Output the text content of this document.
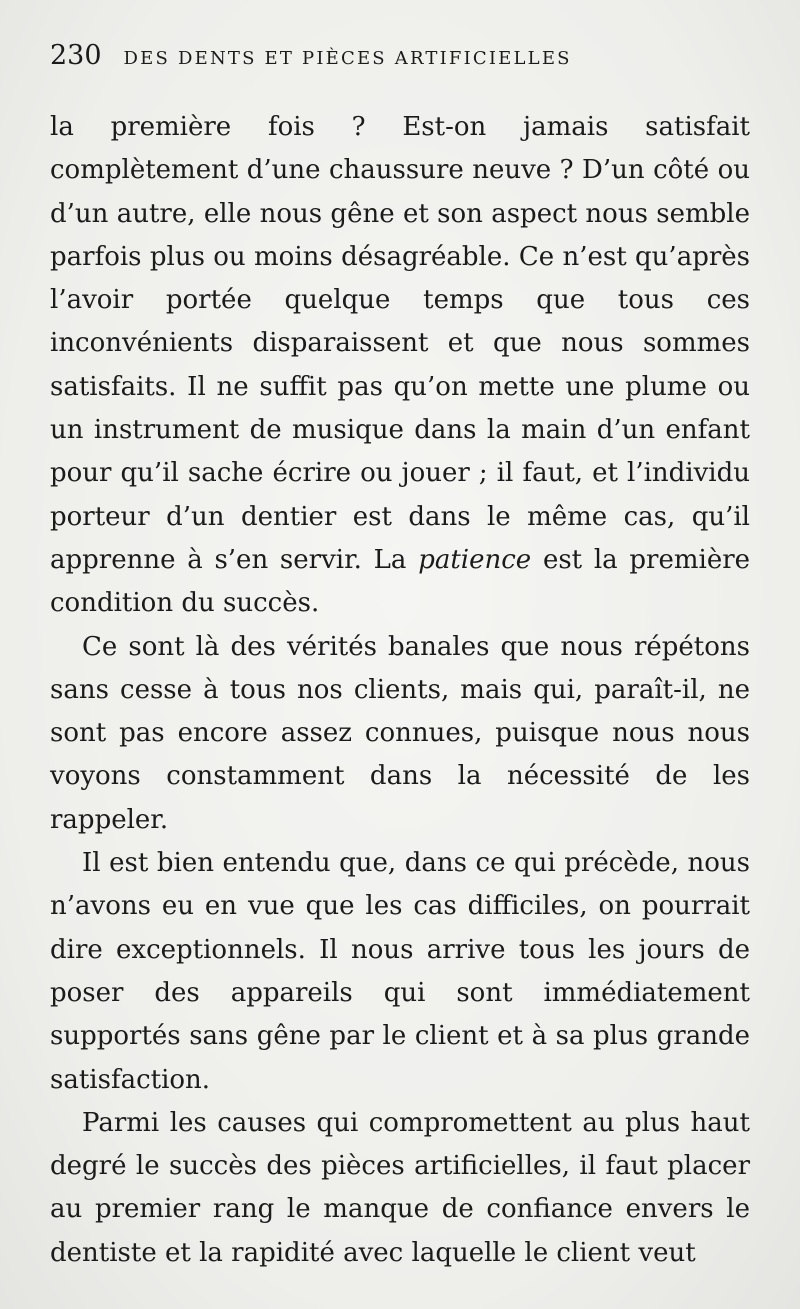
230 DES DENTS ET PIÈCES ARTIFICIELLES

la première fois ? Est-on jamais satisfait complètement d’une chaussure neuve ? D’un côté ou d’un autre, elle nous gêne et son aspect nous semble parfois plus ou moins désagréable. Ce n’est qu’après l’avoir portée quelque temps que tous ces inconvénients disparaissent et que nous sommes satisfaits. Il ne suffit pas qu’on mette une plume ou un instrument de musique dans la main d’un enfant pour qu’il sache écrire ou jouer ; il faut, et l’individu porteur d’un dentier est dans le même cas, qu’il apprenne à s’en servir. La patience est la première condition du succès.

Ce sont là des vérités banales que nous répétons sans cesse à tous nos clients, mais qui, paraît-il, ne sont pas encore assez connues, puisque nous nous voyons constamment dans la nécessité de les rappeler.

Il est bien entendu que, dans ce qui précède, nous n’avons eu en vue que les cas difficiles, on pourrait dire exceptionnels. Il nous arrive tous les jours de poser des appareils qui sont immédiatement supportés sans gêne par le client et à sa plus grande satisfaction.

Parmi les causes qui compromettent au plus haut degré le succès des pièces artificielles, il faut placer au premier rang le manque de confiance envers le dentiste et la rapidité avec laquelle le client veut
